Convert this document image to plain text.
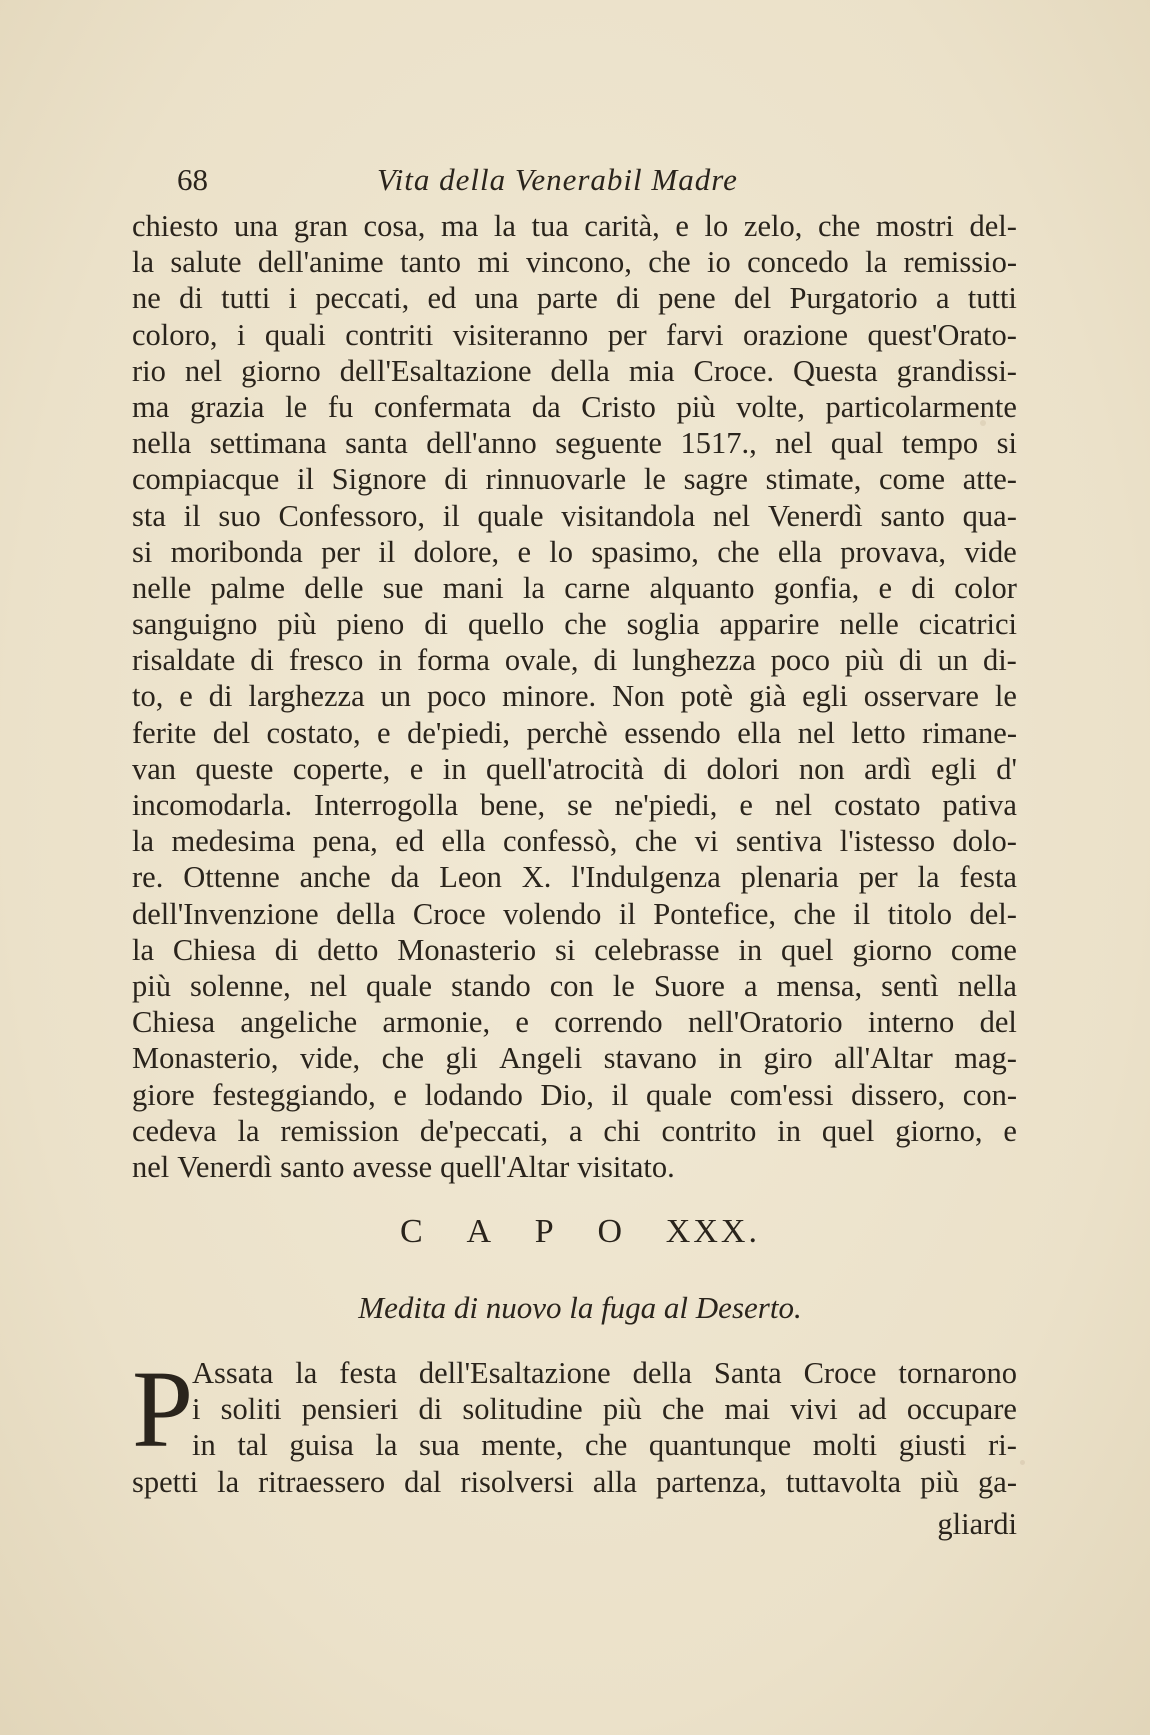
68	Vita della Venerabil Madre
chiesto una gran cosa, ma la tua carità, e lo zelo, che mostri del-
la salute dell'anime tanto mi vincono, che io concedo la remissio-
ne di tutti i peccati, ed una parte di pene del Purgatorio a tutti
coloro, i quali contriti visiteranno per farvi orazione quest'Orato-
rio nel giorno dell'Esaltazione della mia Croce. Questa grandissi-
ma grazia le fu confermata da Cristo più volte, particolarmente
nella settimana santa dell'anno seguente 1517., nel qual tempo si
compiacque il Signore di rinnuovarle le sagre stimate, come atte-
sta il suo Confessoro, il quale visitandola nel Venerdì santo qua-
si moribonda per il dolore, e lo spasimo, che ella provava, vide
nelle palme delle sue mani la carne alquanto gonfia, e di color
sanguigno più pieno di quello che soglia apparire nelle cicatrici
risaldate di fresco in forma ovale, di lunghezza poco più di un di-
to, e di larghezza un poco minore. Non potè già egli osservare le
ferite del costato, e de'piedi, perchè essendo ella nel letto rimane-
van queste coperte, e in quell'atrocità di dolori non ardì egli d'
incomodarla. Interrogolla bene, se ne'piedi, e nel costato pativa
la medesima pena, ed ella confessò, che vi sentiva l'istesso dolo-
re. Ottenne anche da Leon X. l'Indulgenza plenaria per la festa
dell'Invenzione della Croce volendo il Pontefice, che il titolo del-
la Chiesa di detto Monasterio si celebrasse in quel giorno come
più solenne, nel quale stando con le Suore a mensa, sentì nella
Chiesa angeliche armonie, e correndo nell'Oratorio interno del
Monasterio, vide, che gli Angeli stavano in giro all'Altar mag-
giore festeggiando, e lodando Dio, il quale com'essi dissero, con-
cedeva la remission de'peccati, a chi contrito in quel giorno, e
nel Venerdì santo avesse quell'Altar visitato.
C A P O XXX.
Medita di nuovo la fuga al Deserto.
P
Assata la festa dell'Esaltazione della Santa Croce tornarono
i soliti pensieri di solitudine più che mai vivi ad occupare
in tal guisa la sua mente, che quantunque molti giusti ri-
spetti la ritraessero dal risolversi alla partenza, tuttavolta più ga-
gliardi
